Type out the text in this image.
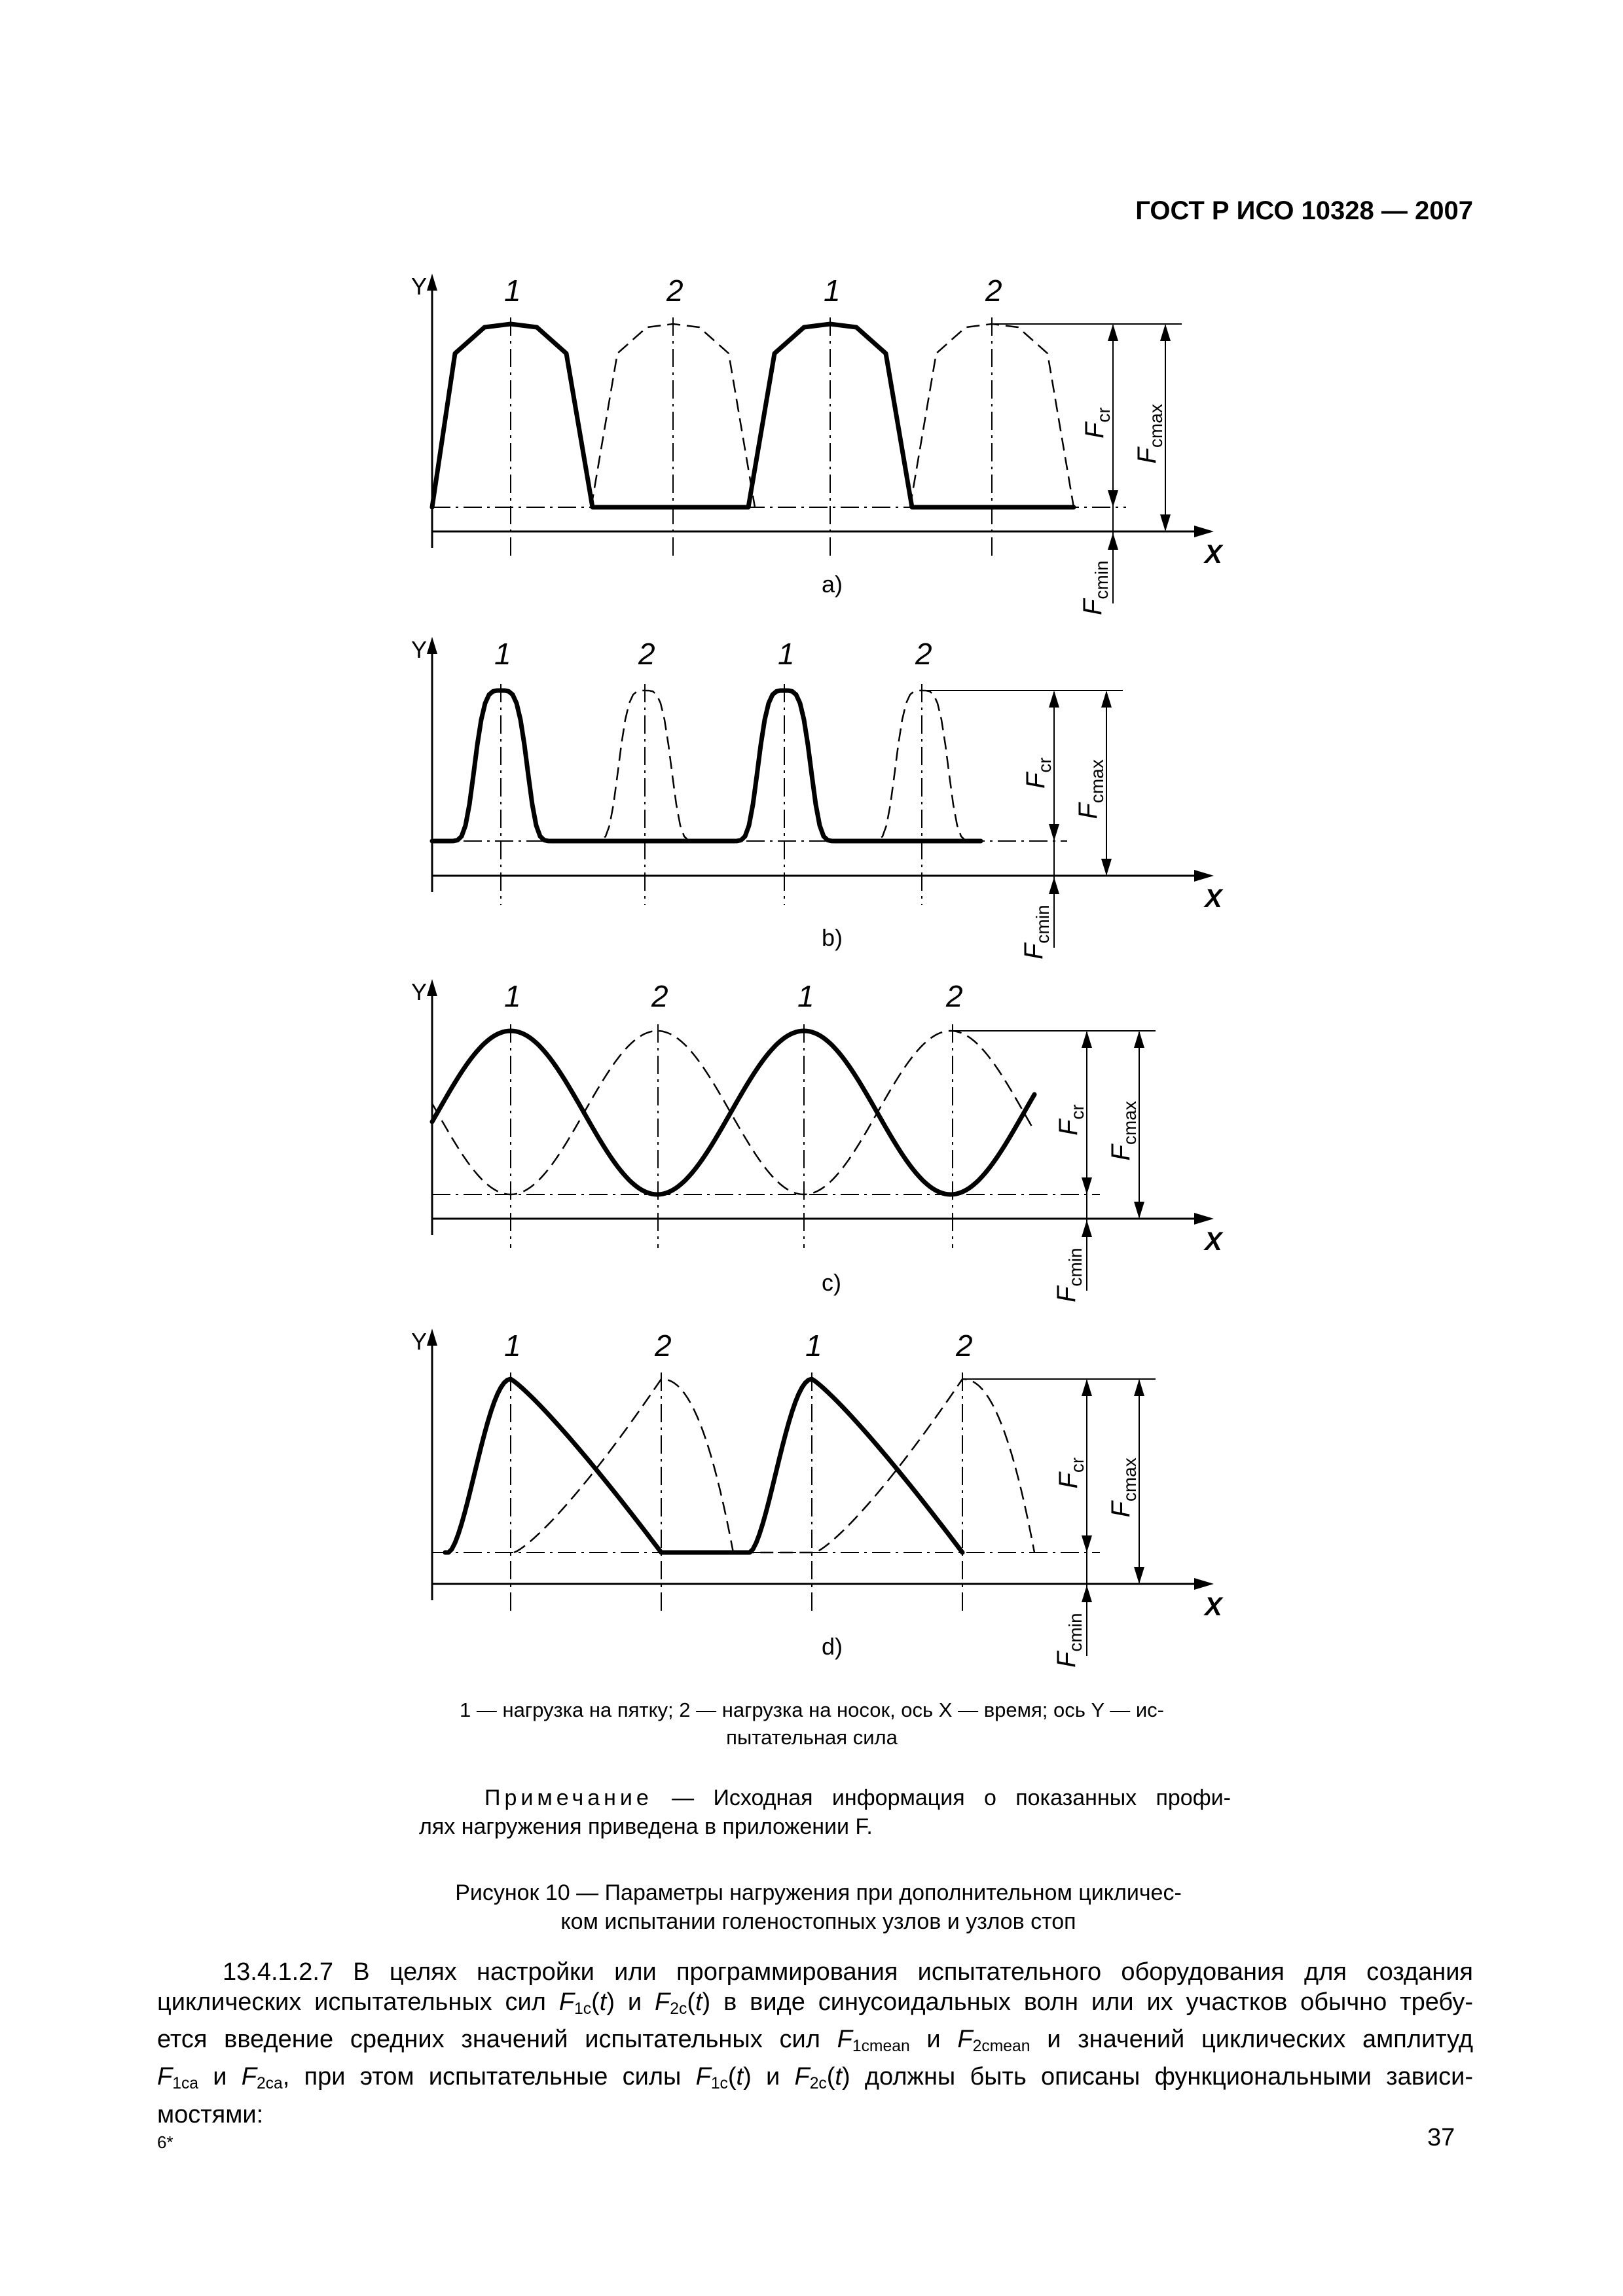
ГОСТ Р ИСО 10328 — 2007
Y
X
1	2	1	2
Fcr
Fcmax
Fcmin
a)
Y
X
1	2	1	2
Fcr
Fcmax
Fcmin
b)
Y
X
1	2	1	2
Fcr
Fcmax
Fcmin
c)
Y
X
1	2	1	2
Fcr
Fcmax
Fcmin
d)
1 — нагрузка на пятку; 2 — нагрузка на носок, ось X — время; ось Y — ис-
пытательная сила
Примечание — Исходная информация о показанных профи-
лях нагружения приведена в приложении F.
Рисунок 10 — Параметры нагружения при дополнительном цикличес-
ком испытании голеностопных узлов и узлов стоп
13.4.1.2.7 В целях настройки или программирования испытательного оборудования для создания
циклических испытательных сил $F_{1c}(t)$ и $F_{2c}(t)$ в виде синусоидальных волн или их участков обычно требу-
ется введение средних значений испытательных сил $F_{1cmean}$ и $F_{2cmean}$ и значений циклических амплитуд
$F_{1ca}$ и $F_{2ca}$, при этом испытательные силы $F_{1c}(t)$ и $F_{2c}(t)$ должны быть описаны функциональными зависи-
мостями:
6*	37
